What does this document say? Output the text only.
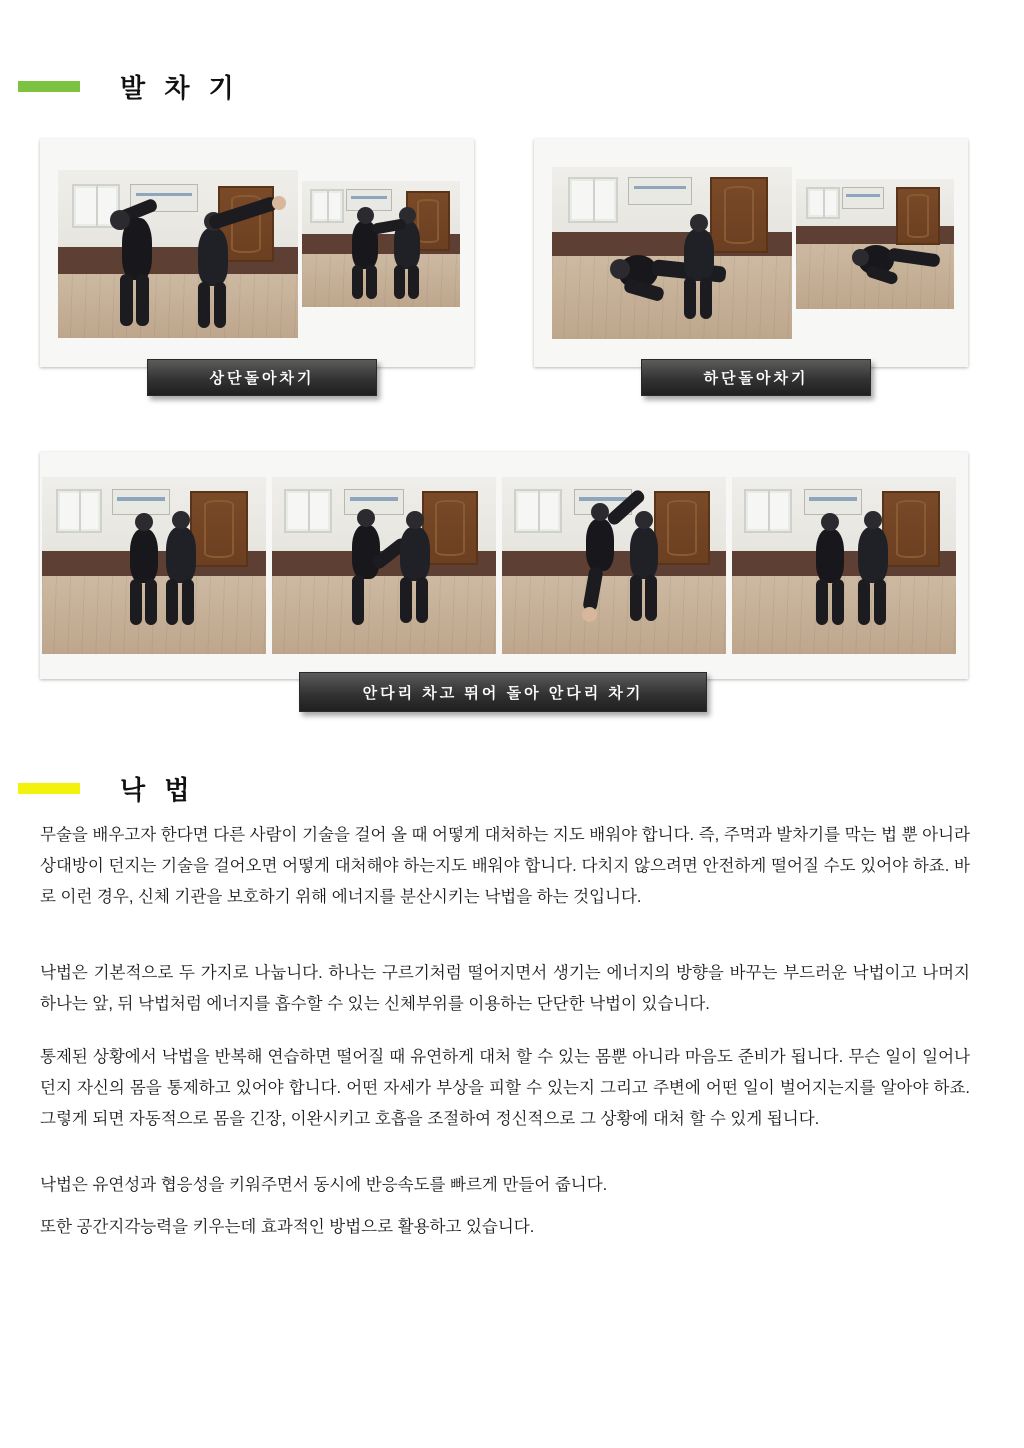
발 차 기
상단돌아차기	하단돌아차기
안다리 차고 뛰어 돌아 안다리 차기
낙 법
무술을 배우고자 한다면 다른 사람이 기술을 걸어 올 때 어떻게 대처하는 지도 배워야 합니다. 즉, 주먹과 발차기를 막는 법 뿐 아니라 상대방이 던지는 기술을 걸어오면 어떻게 대처해야 하는지도 배워야 합니다. 다치지 않으려면 안전하게 떨어질 수도 있어야 하죠. 바로 이런 경우, 신체 기관을 보호하기 위해 에너지를 분산시키는 낙법을 하는 것입니다.
낙법은 기본적으로 두 가지로 나눕니다. 하나는 구르기처럼 떨어지면서 생기는 에너지의 방향을 바꾸는 부드러운 낙법이고 나머지 하나는 앞, 뒤 낙법처럼 에너지를 흡수할 수 있는 신체부위를 이용하는 단단한 낙법이 있습니다.
통제된 상황에서 낙법을 반복해 연습하면 떨어질 때 유연하게 대처 할 수 있는 몸뿐 아니라 마음도 준비가 됩니다. 무슨 일이 일어나던지 자신의 몸을 통제하고 있어야 합니다. 어떤 자세가 부상을 피할 수 있는지 그리고 주변에 어떤 일이 벌어지는지를 알아야 하죠. 그렇게 되면 자동적으로 몸을 긴장, 이완시키고 호흡을 조절하여 정신적으로 그 상황에 대처 할 수 있게 됩니다.
낙법은 유연성과 협응성을 키워주면서 동시에 반응속도를 빠르게 만들어 줍니다.
또한 공간지각능력을 키우는데 효과적인 방법으로 활용하고 있습니다.
